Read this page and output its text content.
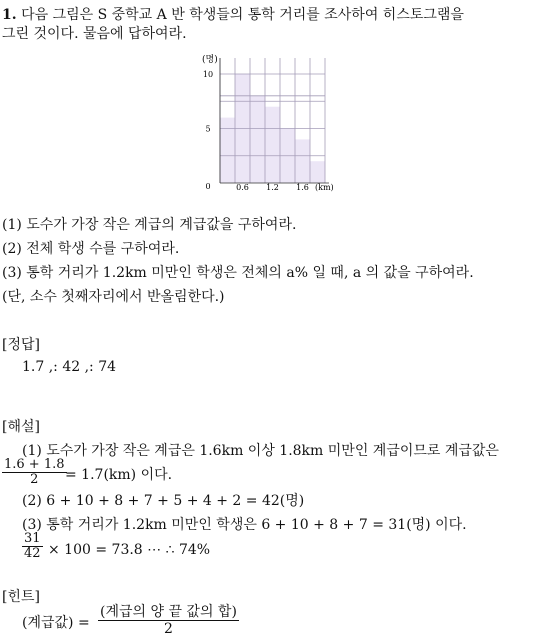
1. 다음 그림은 S 중학교 A 반 학생들의 통학 거리를 조사하여 히스토그램을
그린 것이다. 물음에 답하여라.
(명)
0
5
10
0.6 1.2 1.6 (km)
(1) 도수가 가장 작은 계급의 계급값을 구하여라.
(2) 전체 학생 수를 구하여라.
(3) 통학 거리가 1.2km 미만인 학생은 전체의 a% 일 때, a 의 값을 구하여라.
(단, 소수 첫째자리에서 반올림한다.)
[정답]
1.7 ,: 42 ,: 74
[해설]
(1) 도수가 가장 작은 계급은 1.6km 이상 1.8km 미만인 계급이므로 계급값은
$\frac{1.6 + 1.8}{2}$
= 1.7(km) 이다.
(2) 6 + 10 + 8 + 7 + 5 + 4 + 2 = 42(명)
(3) 통학 거리가 1.2km 미만인 학생은 6 + 10 + 8 + 7 = 31(명) 이다.
$\frac{31}{42} \times 100 = 73.8$ ⋯ ∴ 74%
[힌트]
(계급값) =
(계급의 양 끝 값의 합)
2
